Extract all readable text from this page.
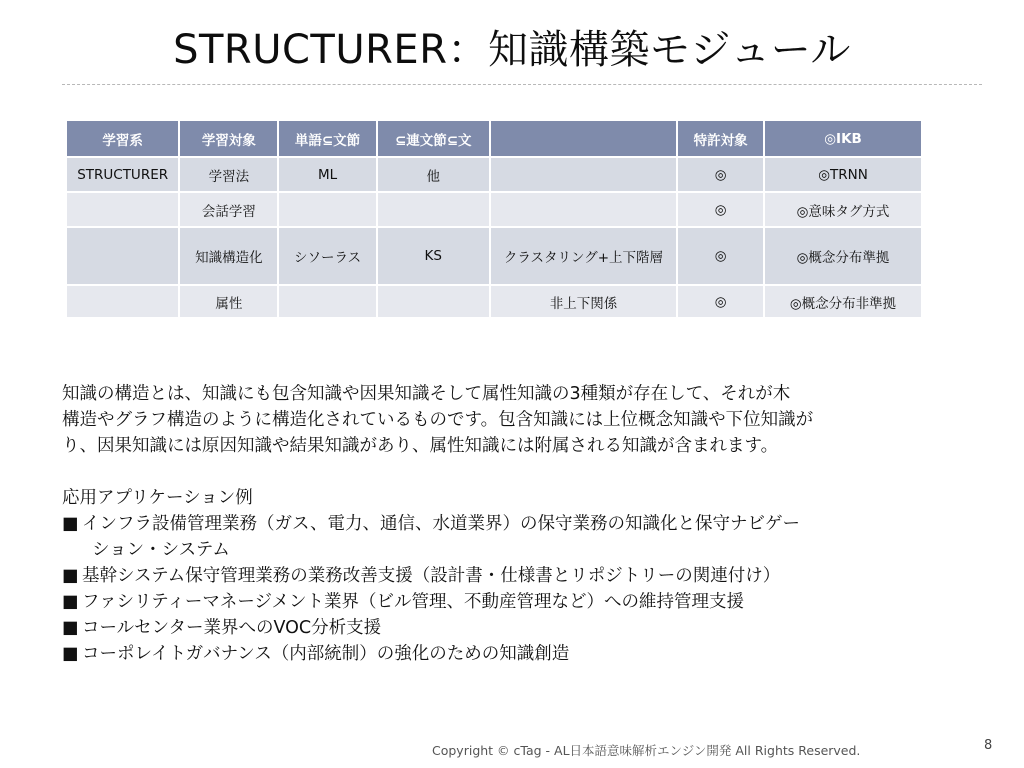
STRUCTURER：知識構築モジュール
学習系	学習対象	単語⊆文節	⊆連文節⊆文		特許対象	◎IKB
STRUCTURER	学習法	ML	他		◎	◎TRNN
	会話学習				◎	◎意味タグ方式
	知識構造化	シソーラス	KS	クラスタリング+上下階層	◎	◎概念分布準拠
	属性			非上下関係	◎	◎概念分布非準拠

知識の構造とは、知識にも包含知識や因果知識そして属性知識の3種類が存在して、それが木
構造やグラフ構造のように構造化されているものです。包含知識には上位概念知識や下位知識が
り、因果知識には原因知識や結果知識があり、属性知識には附属される知識が含まれます。

応用アプリケーション例
■ インフラ設備管理業務（ガス、電力、通信、水道業界）の保守業務の知識化と保守ナビゲー
ション・システム
■ 基幹システム保守管理業務の業務改善支援（設計書・仕様書とリポジトリーの関連付け）
■ ファシリティーマネージメント業界（ビル管理、不動産管理など）への維持管理支援
■ コールセンター業界へのVOC分析支援
■ コーポレイトガバナンス（内部統制）の強化のための知識創造
Copyright © cTag - AL日本語意味解析エンジン開発 All Rights Reserved.	8
